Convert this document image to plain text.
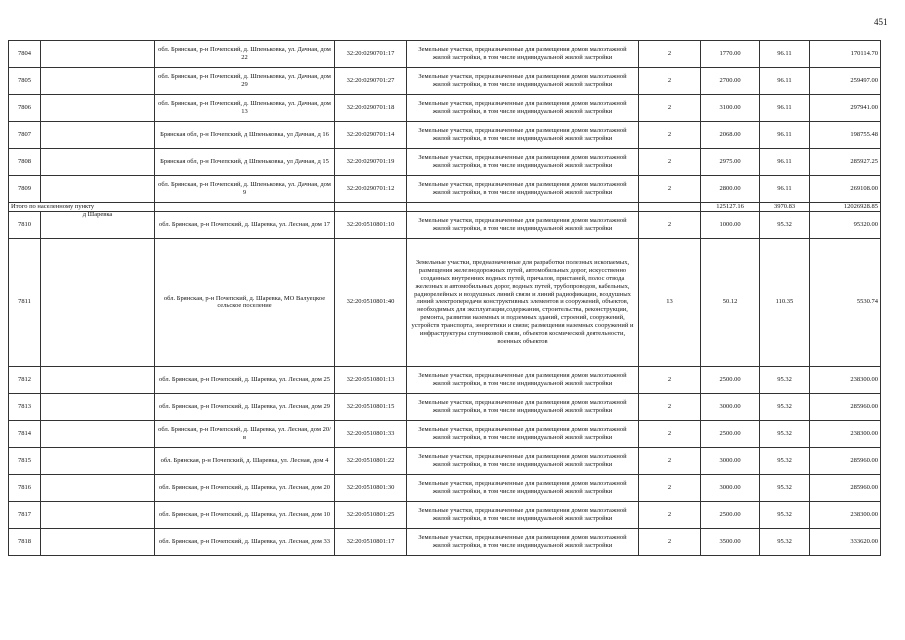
451
7804		обл. Брянская, р-н Почепский, д. Шпеньковка, ул. Дачная, дом 22	32:20:0290701:17	Земельные участки, предназначенные для размещения домов малоэтажной жилой застройки, в том числе индивидуальной жилой застройки	2	1770.00	96.11	170114.70
7805		обл. Брянская, р-н Почепский, д. Шпеньковка, ул. Дачная, дом 29	32:20:0290701:27	Земельные участки, предназначенные для размещения домов малоэтажной жилой застройки, в том числе индивидуальной жилой застройки	2	2700.00	96.11	259497.00
7806		обл. Брянская, р-н Почепский, д. Шпеньковка, ул. Дачная, дом 13	32:20:0290701:18	Земельные участки, предназначенные для размещения домов малоэтажной жилой застройки, в том числе индивидуальной жилой застройки	2	3100.00	96.11	297941.00
7807		Брянская обл, р-н Почепский, д Шпеньковка, ул Дачная, д 16	32:20:0290701:14	Земельные участки, предназначенные для размещения домов малоэтажной жилой застройки, в том числе индивидуальной жилой застройки	2	2068.00	96.11	198755.48
7808		Брянская обл, р-н Почепский, д Шпеньковка, ул Дачная, д 15	32:20:0290701:19	Земельные участки, предназначенные для размещения домов малоэтажной жилой застройки, в том числе индивидуальной жилой застройки	2	2975.00	96.11	285927.25
7809		обл. Брянская, р-н Почепский, д. Шпеньковка, ул. Дачная, дом 9	32:20:0290701:12	Земельные участки, предназначенные для размещения домов малоэтажной жилой застройки, в том числе индивидуальной жилой застройки	2	2800.00	96.11	269108.00
Итого по населенному пункту						125127.16	3970.83	12026928.85
7810	д Шаревка	обл. Брянская, р-н Почепский, д. Шаревка, ул. Лесная, дом 17	32:20:0510801:10	Земельные участки, предназначенные для размещения домов малоэтажной жилой застройки, в том числе индивидуальной жилой застройки	2	1000.00	95.32	95320.00
7811		обл. Брянская, р-н Почепский, д. Шаревка, МО Валуецкое сельское поселение	32:20:0510801:40	Земельные участки, предназначенные для разработки полезных ископаемых, размещения железнодорожных путей, автомобильных дорог, искусственно созданных внутренних водных путей, причалов, пристаней, полос отвода железных и автомобильных дорог, водных путей, трубопроводов, кабельных, радиорелейных и воздушных линий связи и линий радиофикации, воздушных линий электропередачи конструктивных элементов и сооружений, объектов, необходимых для эксплуатации,содержания, строительства, реконструкции, ремонта, развития наземных и подземных зданий, строений, сооружений, устройств транспорта, энергетики и связи; размещения наземных сооружений и инфраструктуры спутниковой связи, объектов космической деятельности, военных объектов	13	50.12	110.35	5530.74
7812		обл. Брянская, р-н Почепский, д. Шаревка, ул. Лесная, дом 25	32:20:0510801:13	Земельные участки, предназначенные для размещения домов малоэтажной жилой застройки, в том числе индивидуальной жилой застройки	2	2500.00	95.32	238300.00
7813		обл. Брянская, р-н Почепский, д. Шаревка, ул. Лесная, дом 29	32:20:0510801:15	Земельные участки, предназначенные для размещения домов малоэтажной жилой застройки, в том числе индивидуальной жилой застройки	2	3000.00	95.32	285960.00
7814		обл. Брянская, р-н Почепский, д. Шаревка, ул. Лесная, дом 20/в	32:20:0510801:33	Земельные участки, предназначенные для размещения домов малоэтажной жилой застройки, в том числе индивидуальной жилой застройки	2	2500.00	95.32	238300.00
7815		обл. Брянская, р-н Почепский, д. Шаревка, ул. Лесная, дом 4	32:20:0510801:22	Земельные участки, предназначенные для размещения домов малоэтажной жилой застройки, в том числе индивидуальной жилой застройки	2	3000.00	95.32	285960.00
7816		обл. Брянская, р-н Почепский, д. Шаревка, ул. Лесная, дом 20	32:20:0510801:30	Земельные участки, предназначенные для размещения домов малоэтажной жилой застройки, в том числе индивидуальной жилой застройки	2	3000.00	95.32	285960.00
7817		обл. Брянская, р-н Почепский, д. Шаревка, ул. Лесная, дом 10	32:20:0510801:25	Земельные участки, предназначенные для размещения домов малоэтажной жилой застройки, в том числе индивидуальной жилой застройки	2	2500.00	95.32	238300.00
7818		обл. Брянская, р-н Почепский, д. Шаревка, ул. Лесная, дом 33	32:20:0510801:17	Земельные участки, предназначенные для размещения домов малоэтажной жилой застройки, в том числе индивидуальной жилой застройки	2	3500.00	95.32	333620.00
